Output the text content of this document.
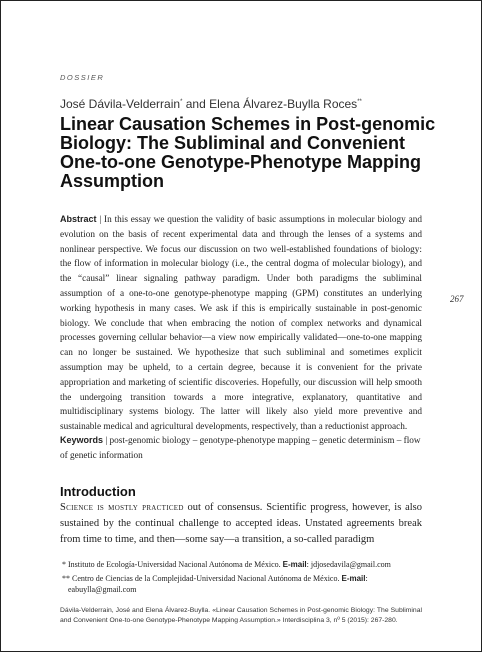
DOSSIER
José Dávila-Velderrain* and Elena Álvarez-Buylla Roces**
Linear Causation Schemes in Post-genomic Biology: The Subliminal and Convenient One-to-one Genotype-Phenotype Mapping Assumption
Abstract | In this essay we question the validity of basic assumptions in molecular biology and evolution on the basis of recent experimental data and through the lenses of a systems and nonlinear perspective. We focus our discussion on two well-established foundations of biology: the flow of information in molecular biology (i.e., the central dogma of molecular biology), and the “causal” linear signaling pathway paradigm. Under both paradigms the subliminal assumption of a one-to-one genotype-phenotype mapping (GPM) constitutes an underlying working hypothesis in many cases. We ask if this is empirically sustainable in post-genomic biology. We conclude that when embracing the notion of complex networks and dynamical processes governing cellular behavior—a view now empirically validated—one-to-one mapping can no longer be sustained. We hypothesize that such subliminal and sometimes explicit assumption may be upheld, to a certain degree, because it is convenient for the private appropriation and marketing of scientific discoveries. Hopefully, our discussion will help smooth the undergoing transition towards a more integrative, explanatory, quantitative and multidisciplinary systems biology. The latter will likely also yield more preventive and sustainable medical and agricultural developments, respectively, than a reductionist approach.
267
Keywords | post-genomic biology – genotype-phenotype mapping – genetic determinism – flow of genetic information
Introduction
Science is mostly practiced out of consensus. Scientific progress, however, is also sustained by the continual challenge to accepted ideas. Unstated agreements break from time to time, and then—some say—a transition, a so-called paradigm

* Instituto de Ecología-Universidad Nacional Autónoma de México. E-mail: jdjosedavila@gmail.com

** Centro de Ciencias de la Complejidad-Universidad Nacional Autónoma de México. E-mail: eabuylla@gmail.com

Dávila-Velderrain, José and Elena Álvarez-Buylla. «Linear Causation Schemes in Post-genomic Biology: The Subliminal and Convenient One-to-one Genotype-Phenotype Mapping Assumption.» Interdisciplina 3, nº 5 (2015): 267-280.
